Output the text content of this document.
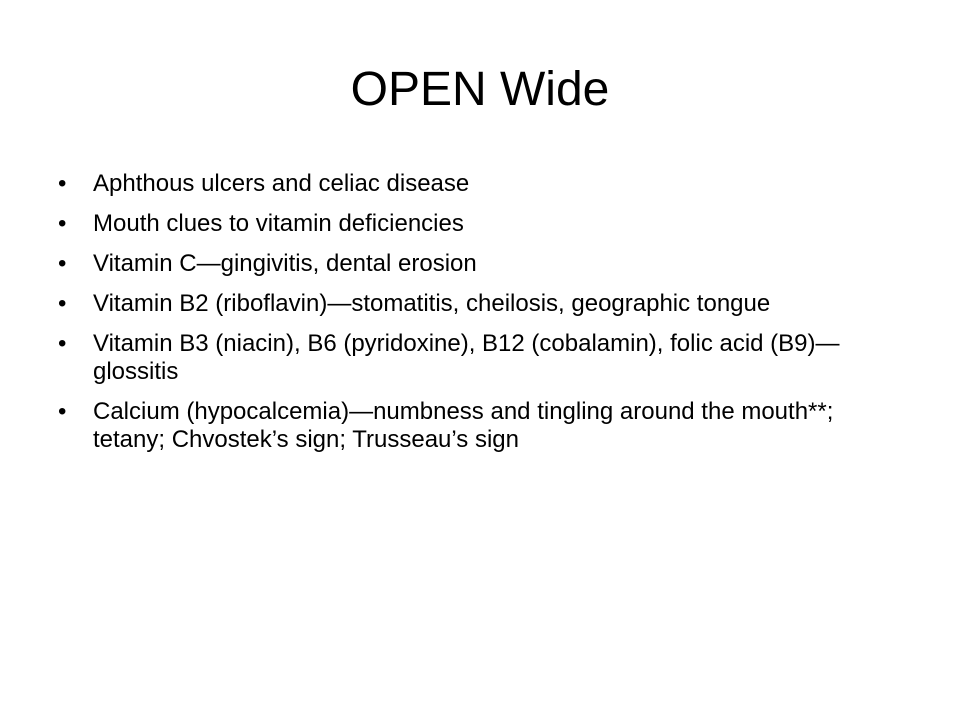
OPEN Wide
•	Aphthous ulcers and celiac disease
•	Mouth clues to vitamin deficiencies
•	Vitamin C—gingivitis, dental erosion
•	Vitamin B2 (riboflavin)—stomatitis, cheilosis, geographic tongue
•	Vitamin B3 (niacin), B6 (pyridoxine), B12 (cobalamin), folic acid (B9)—glossitis
•	Calcium (hypocalcemia)—numbness and tingling around the mouth**; tetany; Chvostek’s sign; Trusseau’s sign
